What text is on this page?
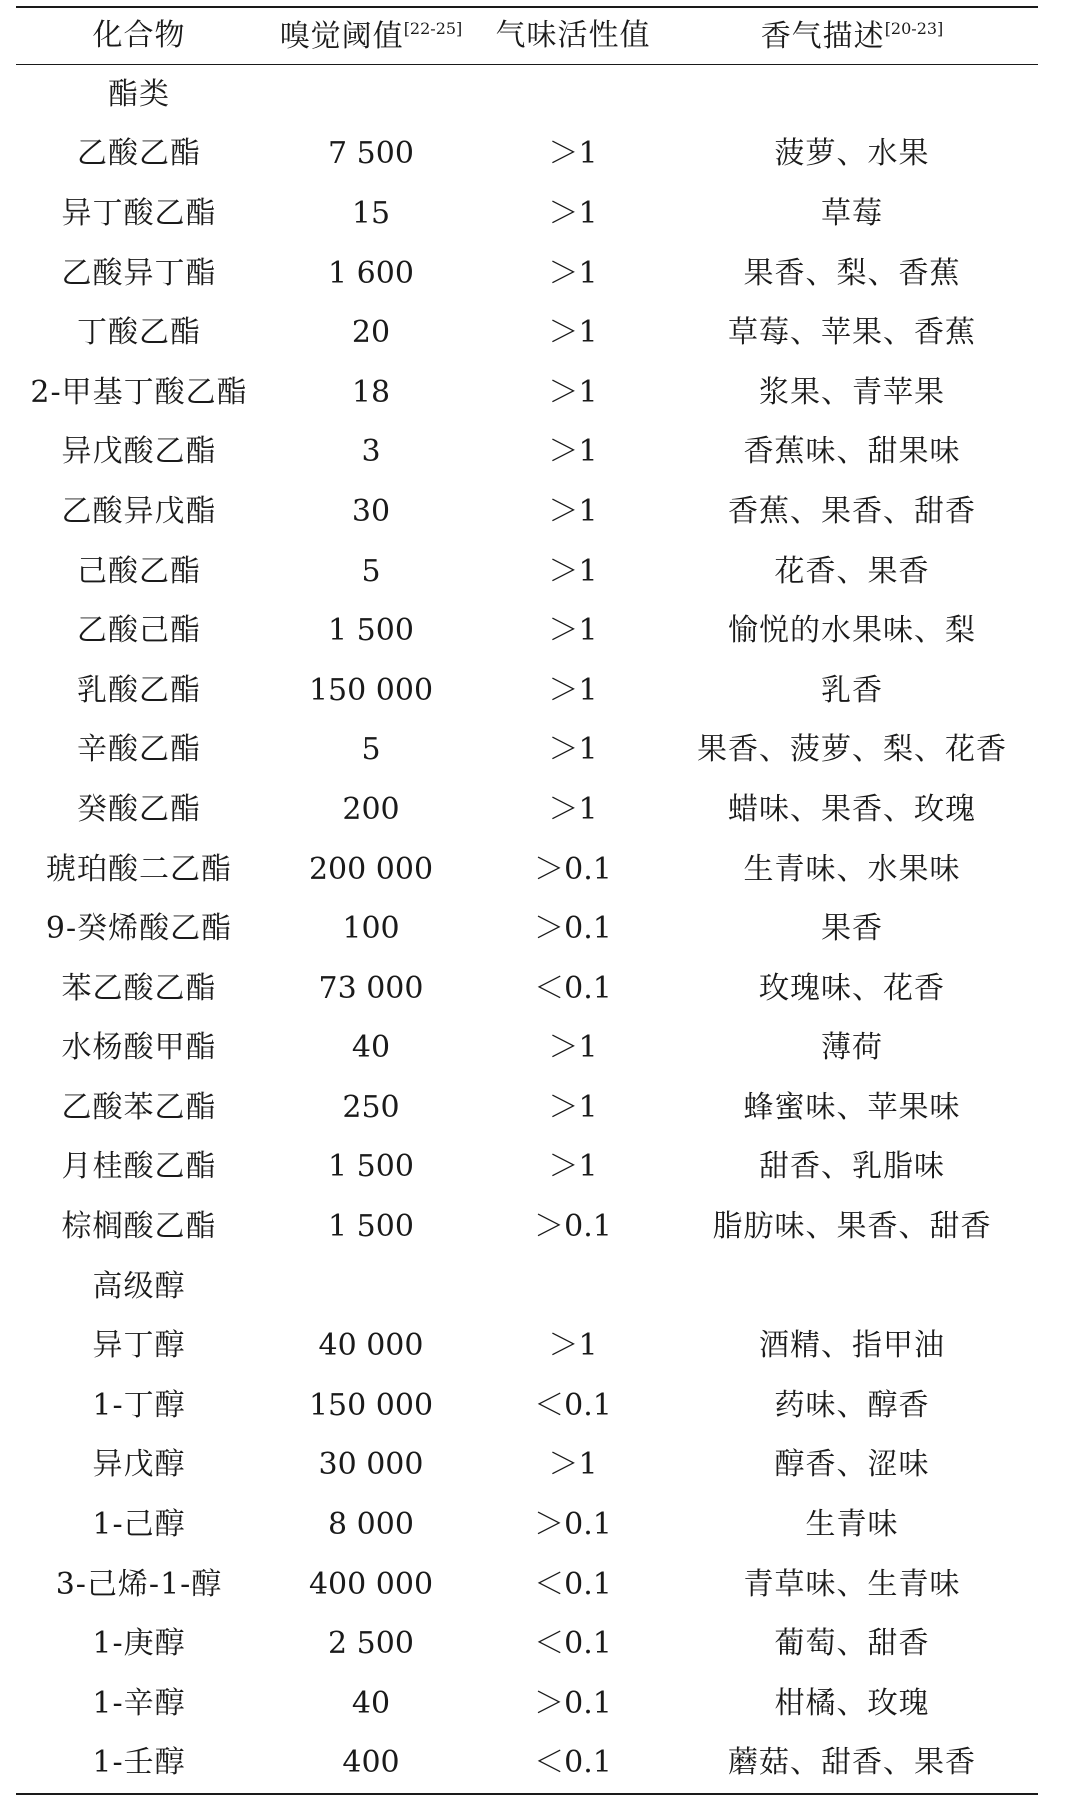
化合物	嗅觉阈值[22-25]	气味活性值	香气描述[20-23]
酯类
乙酸乙酯	7 500	＞1	菠萝、水果
异丁酸乙酯	15	＞1	草莓
乙酸异丁酯	1 600	＞1	果香、梨、香蕉
丁酸乙酯	20	＞1	草莓、苹果、香蕉
2-甲基丁酸乙酯	18	＞1	浆果、青苹果
异戊酸乙酯	3	＞1	香蕉味、甜果味
乙酸异戊酯	30	＞1	香蕉、果香、甜香
己酸乙酯	5	＞1	花香、果香
乙酸己酯	1 500	＞1	愉悦的水果味、梨
乳酸乙酯	150 000	＞1	乳香
辛酸乙酯	5	＞1	果香、菠萝、梨、花香
癸酸乙酯	200	＞1	蜡味、果香、玫瑰
琥珀酸二乙酯	200 000	＞0.1	生青味、水果味
9-癸烯酸乙酯	100	＞0.1	果香
苯乙酸乙酯	73 000	＜0.1	玫瑰味、花香
水杨酸甲酯	40	＞1	薄荷
乙酸苯乙酯	250	＞1	蜂蜜味、苹果味
月桂酸乙酯	1 500	＞1	甜香、乳脂味
棕榈酸乙酯	1 500	＞0.1	脂肪味、果香、甜香
高级醇
异丁醇	40 000	＞1	酒精、指甲油
1-丁醇	150 000	＜0.1	药味、醇香
异戊醇	30 000	＞1	醇香、涩味
1-己醇	8 000	＞0.1	生青味
3-己烯-1-醇	400 000	＜0.1	青草味、生青味
1-庚醇	2 500	＜0.1	葡萄、甜香
1-辛醇	40	＞0.1	柑橘、玫瑰
1-壬醇	400	＜0.1	蘑菇、甜香、果香
